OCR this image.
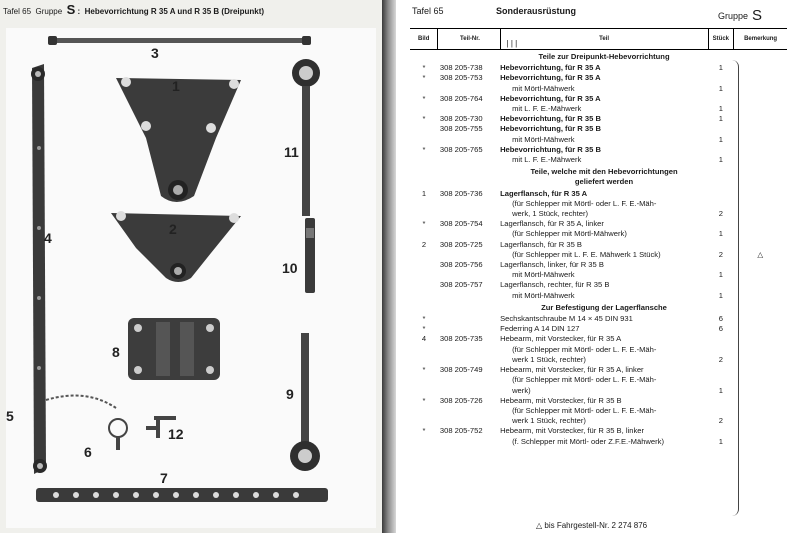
Tafel 65 Gruppe S : Hebevorrichtung R 35 A und R 35 B (Dreipunkt)
1
2
3
4
5
6
7
8
9
10
11
12
Tafel 65	Sonderausrüstung	Gruppe S
Bild	Teil-Nr.	Teil
| | |	Stück	Bemerkung
		Teile zur Dreipunkt-Hebevorrichtung		
*	308 205-738	Hebevorrichtung, für R 35 A	1	
*	308 205-753	Hebevorrichtung, für R 35 A		
		mit Mörtl-Mähwerk	1	
*	308 205-764	Hebevorrichtung, für R 35 A		
		mit L. F. E.-Mähwerk	1	
*	308 205-730	Hebevorrichtung, für R 35 B	1	
	308 205-755	Hebevorrichtung, für R 35 B		
		mit Mörtl-Mähwerk	1	
*	308 205-765	Hebevorrichtung, für R 35 B		
		mit L. F. E.-Mähwerk	1	

		Teile, welche mit den Hebevorrichtungen
geliefert werden		

1	308 205-736	Lagerflansch, für R 35 A		
		(für Schlepper mit Mörtl- oder L. F. E.-Mäh-		
		werk, 1 Stück, rechter)	2	
*	308 205-754	Lagerflansch, für R 35 A, linker		
		(für Schlepper mit Mörtl-Mähwerk)	1	
2	308 205-725	Lagerflansch, für R 35 B		
		(für Schlepper mit L. F. E. Mähwerk 1 Stück)	2	△
	308 205-756	Lagerflansch, linker, für R 35 B		
		mit Mörtl-Mähwerk	1	
	308 205-757	Lagerflansch, rechter, für R 35 B		
		mit Mörtl-Mähwerk	1	
		Zur Befestigung der Lagerflansche		
*		Sechskantschraube M 14 × 45 DIN 931	6	
*		Federring A 14 DIN 127	6	
4	308 205-735	Hebearm, mit Vorstecker, für R 35 A		
		(für Schlepper mit Mörtl- oder L. F. E.-Mäh-		
		werk 1 Stück, rechter)	2	
*	308 205-749	Hebearm, mit Vorstecker, für R 35 A, linker		
		(für Schlepper mit Mörtl- oder L. F. E.-Mäh-		
		werk)	1	
*	308 205-726	Hebearm, mit Vorstecker, für R 35 B		
		(für Schlepper mit Mörtl- oder L. F. E.-Mäh-		
		werk 1 Stück, rechter)	2	
*	308 205-752	Hebearm, mit Vorstecker, für R 35 B, linker		
		(f. Schlepper mit Mörtl- oder Z.F.E.-Mähwerk)	1	
△ bis Fahrgestell-Nr. 2 274 876
